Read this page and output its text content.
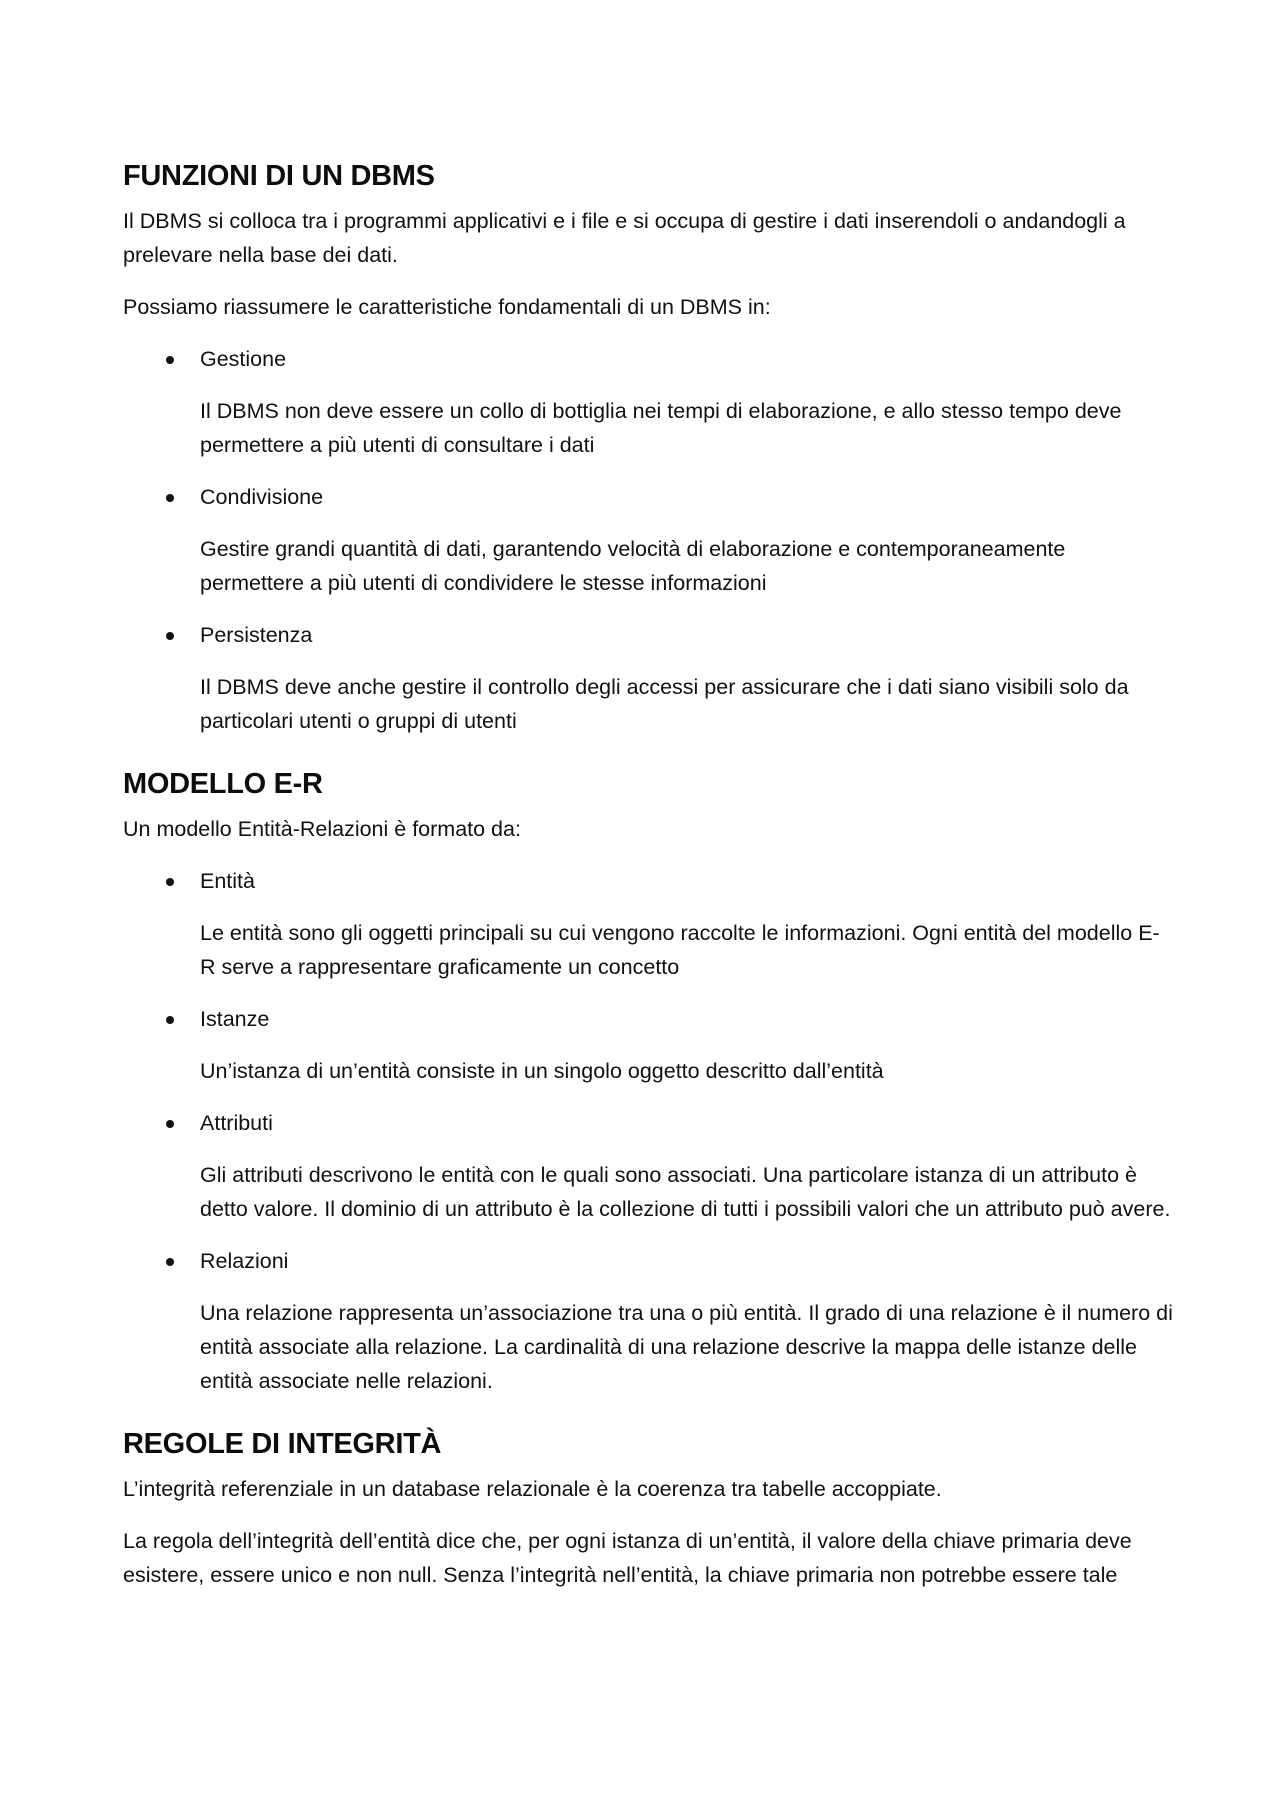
FUNZIONI DI UN DBMS

Il DBMS si colloca tra i programmi applicativi e i file e si occupa di gestire i dati inserendoli o andandogli a prelevare nella base dei dati.

Possiamo riassumere le caratteristiche fondamentali di un DBMS in:

Gestione

Il DBMS non deve essere un collo di bottiglia nei tempi di elaborazione, e allo stesso tempo deve permettere a più utenti di consultare i dati

Condivisione

Gestire grandi quantità di dati, garantendo velocità di elaborazione e contemporaneamente permettere a più utenti di condividere le stesse informazioni

Persistenza

Il DBMS deve anche gestire il controllo degli accessi per assicurare che i dati siano visibili solo da particolari utenti o gruppi di utenti

MODELLO E-R

Un modello Entità-Relazioni è formato da:

Entità

Le entità sono gli oggetti principali su cui vengono raccolte le informazioni. Ogni entità del modello E-R serve a rappresentare graficamente un concetto

Istanze

Un’istanza di un’entità consiste in un singolo oggetto descritto dall’entità

Attributi

Gli attributi descrivono le entità con le quali sono associati. Una particolare istanza di un attributo è detto valore. Il dominio di un attributo è la collezione di tutti i possibili valori che un attributo può avere.

Relazioni

Una relazione rappresenta un’associazione tra una o più entità. Il grado di una relazione è il numero di entità associate alla relazione. La cardinalità di una relazione descrive la mappa delle istanze delle entità associate nelle relazioni.

REGOLE DI INTEGRITÀ

L’integrità referenziale in un database relazionale è la coerenza tra tabelle accoppiate.

La regola dell’integrità dell’entità dice che, per ogni istanza di un’entità, il valore della chiave primaria deve esistere, essere unico e non null. Senza l’integrità nell’entità, la chiave primaria non potrebbe essere tale
